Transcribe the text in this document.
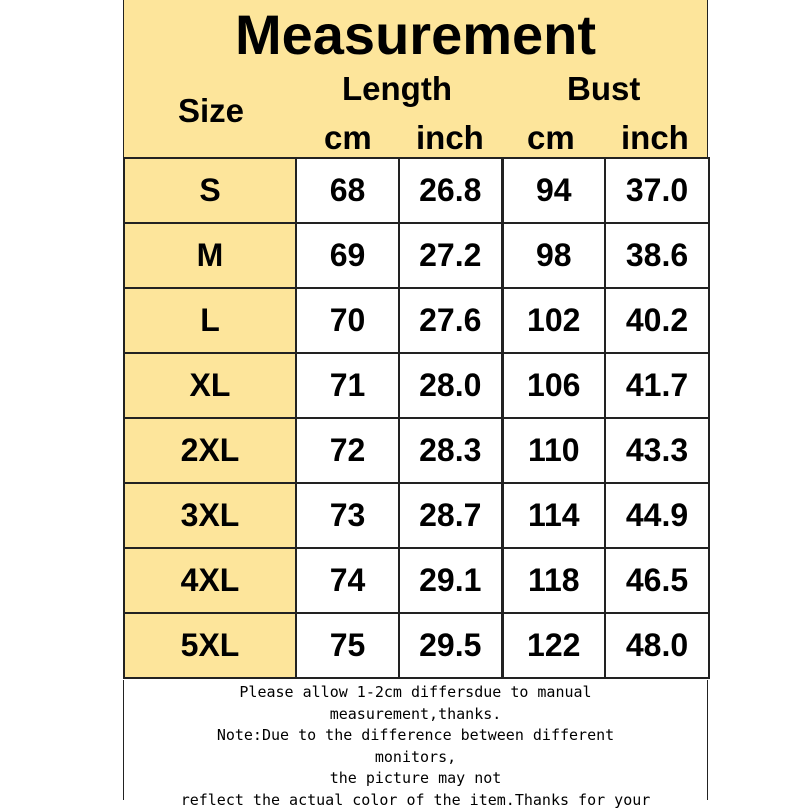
Measurement
Size
Length	Bust
cm inch cm inch
S	68	26.8	94	37.0
M	69	27.2	98	38.6
L	70	27.6	102	40.2
XL	71	28.0	106	41.7
2XL	72	28.3	110	43.3
3XL	73	28.7	114	44.9
4XL	74	29.1	118	46.5
5XL	75	29.5	122	48.0
Please allow 1-2cm differsdue to manual
measurement,thanks.
Note:Due to the difference between different
monitors,
the picture may not
reflect the actual color of the item.Thanks for your
